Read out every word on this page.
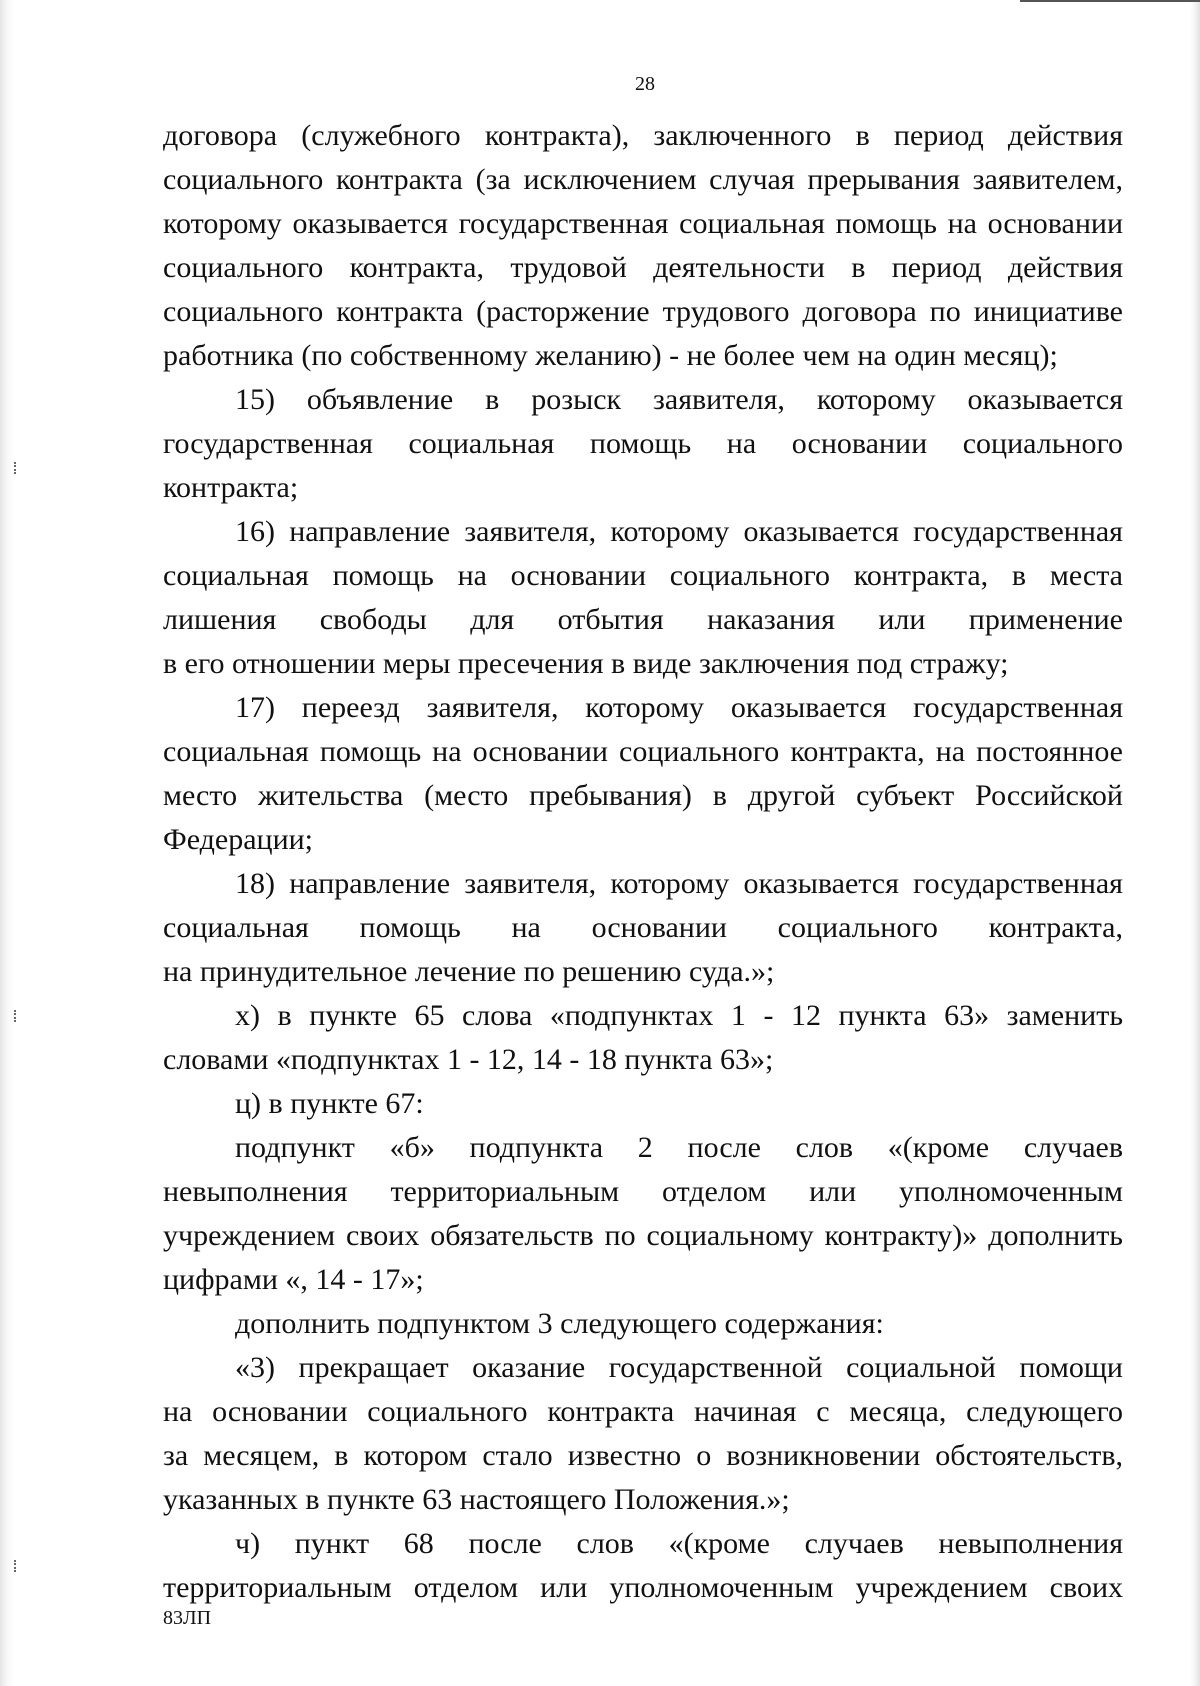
28
договора (служебного контракта), заключенного в период действия
социального контракта (за исключением случая прерывания заявителем,
которому оказывается государственная социальная помощь на основании
социального контракта, трудовой деятельности в период действия
социального контракта (расторжение трудового договора по инициативе
работника (по собственному желанию) - не более чем на один месяц);
15) объявление в розыск заявителя, которому оказывается
государственная социальная помощь на основании социального
контракта;
16) направление заявителя, которому оказывается государственная
социальная помощь на основании социального контракта, в места
лишения свободы для отбытия наказания или применение
в его отношении меры пресечения в виде заключения под стражу;
17) переезд заявителя, которому оказывается государственная
социальная помощь на основании социального контракта, на постоянное
место жительства (место пребывания) в другой субъект Российской
Федерации;
18) направление заявителя, которому оказывается государственная
социальная помощь на основании социального контракта,
на принудительное лечение по решению суда.»;
х) в пункте 65 слова «подпунктах 1 - 12 пункта 63» заменить
словами «подпунктах 1 - 12, 14 - 18 пункта 63»;
ц) в пункте 67:
подпункт «б» подпункта 2 после слов «(кроме случаев
невыполнения территориальным отделом или уполномоченным
учреждением своих обязательств по социальному контракту)» дополнить
цифрами «, 14 - 17»;
дополнить подпунктом 3 следующего содержания:
«3) прекращает оказание государственной социальной помощи
на основании социального контракта начиная с месяца, следующего
за месяцем, в котором стало известно о возникновении обстоятельств,
указанных в пункте 63 настоящего Положения.»;
ч) пункт 68 после слов «(кроме случаев невыполнения
территориальным отделом или уполномоченным учреждением своих
83ЛП
